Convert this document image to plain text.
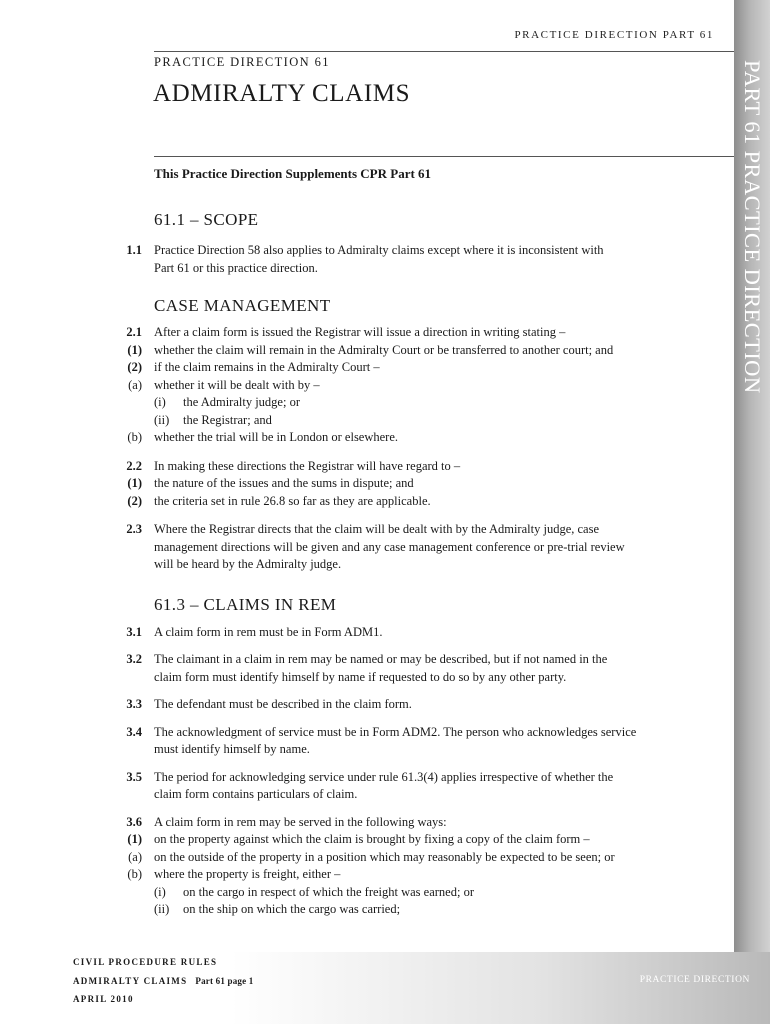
PRACTICE DIRECTION PART 61
PRACTICE DIRECTION 61
ADMIRALTY CLAIMS	PART 61 PRACTICE DIRECTION
This Practice Direction Supplements CPR Part 61
61.1 – SCOPE
1.1 Practice Direction 58 also applies to Admiralty claims except where it is inconsistent with
Part 61 or this practice direction.
CASE MANAGEMENT
2.1 After a claim form is issued the Registrar will issue a direction in writing stating –
(1) whether the claim will remain in the Admiralty Court or be transferred to another court; and
(2) if the claim remains in the Admiralty Court –
(a) whether it will be dealt with by –
(i) the Admiralty judge; or
(ii) the Registrar; and
(b) whether the trial will be in London or elsewhere.
2.2 In making these directions the Registrar will have regard to –
(1) the nature of the issues and the sums in dispute; and
(2) the criteria set in rule 26.8 so far as they are applicable.
2.3 Where the Registrar directs that the claim will be dealt with by the Admiralty judge, case
management directions will be given and any case management conference or pre-trial review
will be heard by the Admiralty judge.
61.3 – CLAIMS IN REM
3.1 A claim form in rem must be in Form ADM1.
3.2 The claimant in a claim in rem may be named or may be described, but if not named in the
claim form must identify himself by name if requested to do so by any other party.
3.3 The defendant must be described in the claim form.
3.4 The acknowledgment of service must be in Form ADM2. The person who acknowledges service
must identify himself by name.
3.5 The period for acknowledging service under rule 61.3(4) applies irrespective of whether the
claim form contains particulars of claim.
3.6 A claim form in rem may be served in the following ways:
(1) on the property against which the claim is brought by fixing a copy of the claim form –
(a) on the outside of the property in a position which may reasonably be expected to be seen; or
(b) where the property is freight, either –
(i) on the cargo in respect of which the freight was earned; or
(ii) on the ship on which the cargo was carried;
CIVIL PROCEDURE RULES
ADMIRALTY CLAIMS Part 61 page 1
APRIL 2010
PRACTICE DIRECTION
